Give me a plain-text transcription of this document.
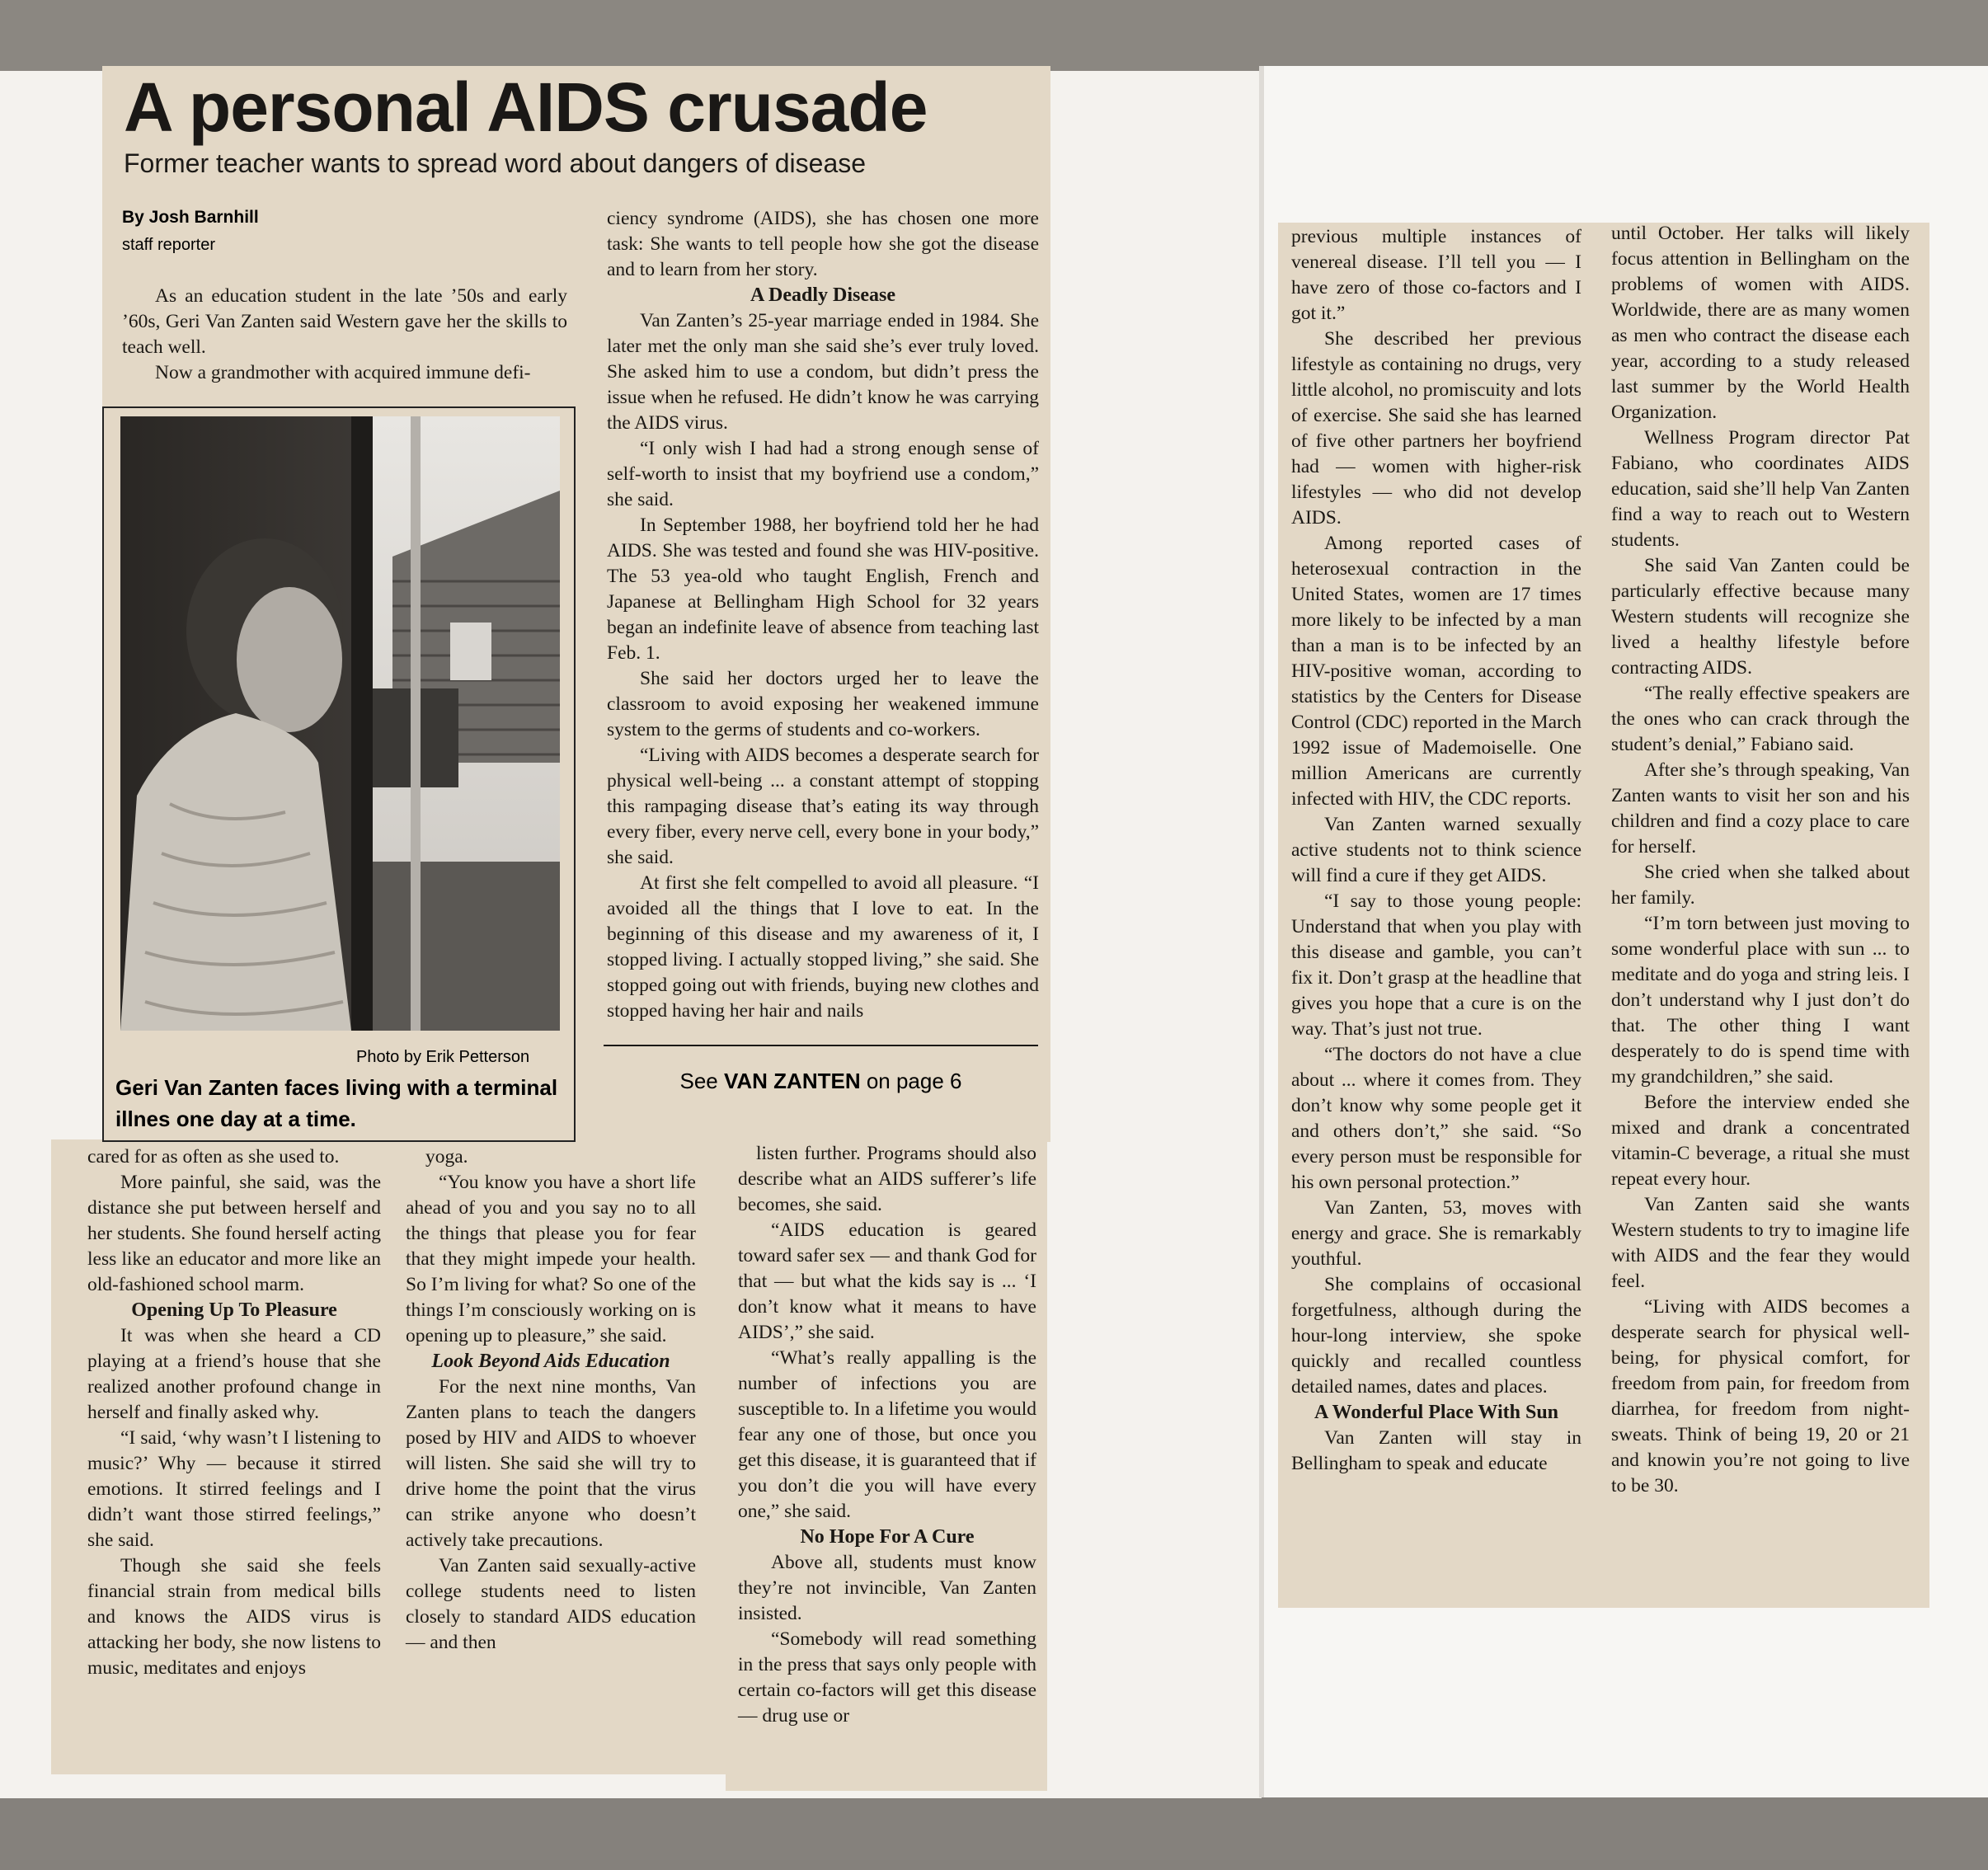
A personal AIDS crusade
Former teacher wants to spread word about dangers of disease
By Josh Barnhill
staff reporter

As an education student in the late ’50s and early ’60s, Geri Van Zanten said Western gave her the skills to teach well.

Now a grandmother with acquired immune defi-

Photo by Erik Petterson
Geri Van Zanten faces living with a terminal illnes one day at a time.

ciency syndrome (AIDS), she has chosen one more task: She wants to tell people how she got the disease and to learn from her story.

A Deadly Disease

Van Zanten’s 25-year marriage ended in 1984. She later met the only man she said she’s ever truly loved. She asked him to use a condom, but didn’t press the issue when he refused. He didn’t know he was carrying the AIDS virus.

“I only wish I had had a strong enough sense of self-worth to insist that my boyfriend use a condom,” she said.

In September 1988, her boyfriend told her he had AIDS. She was tested and found she was HIV-positive. The 53 yea-old who taught English, French and Japanese at Bellingham High School for 32 years began an indefinite leave of absence from teaching last Feb. 1.

She said her doctors urged her to leave the classroom to avoid exposing her weakened immune system to the germs of students and co-workers.

“Living with AIDS becomes a desperate search for physical well-being ... a constant attempt of stopping this rampaging disease that’s eating its way through every fiber, every nerve cell, every bone in your body,” she said.

At first she felt compelled to avoid all pleasure. “I avoided all the things that I love to eat. In the beginning of this disease and my awareness of it, I stopped living. I actually stopped living,” she said. She stopped going out with friends, buying new clothes and stopped having her hair and nails

See VAN ZANTEN on page 6

cared for as often as she used to.

More painful, she said, was the distance she put between herself and her students. She found herself acting less like an educator and more like an old-fashioned school marm.

Opening Up To Pleasure

It was when she heard a CD playing at a friend’s house that she realized another profound change in herself and finally asked why.

“I said, ‘why wasn’t I listening to music?’ Why — because it stirred emotions. It stirred feelings and I didn’t want those stirred feelings,” she said.

Though she said she feels financial strain from medical bills and knows the AIDS virus is attacking her body, she now listens to music, meditates and enjoys

yoga.

“You know you have a short life ahead of you and you say no to all the things that please you for fear that they might impede your health. So I’m living for what? So one of the things I’m consciously working on is opening up to pleasure,” she said.

Look Beyond Aids Education

For the next nine months, Van Zanten plans to teach the dangers posed by HIV and AIDS to whoever will listen. She said she will try to drive home the point that the virus can strike anyone who doesn’t actively take precautions.

Van Zanten said sexually-active college students need to listen closely to standard AIDS education — and then

listen further. Programs should also describe what an AIDS sufferer’s life becomes, she said.

“AIDS education is geared toward safer sex — and thank God for that — but what the kids say is ... ‘I don’t know what it means to have AIDS’,” she said.

“What’s really appalling is the number of infections you are susceptible to. In a lifetime you would fear any one of those, but once you get this disease, it is guaranteed that if you don’t die you will have every one,” she said.

No Hope For A Cure

Above all, students must know they’re not invincible, Van Zanten insisted.

“Somebody will read something in the press that says only people with certain co-factors will get this disease — drug use or

previous multiple instances of venereal disease. I’ll tell you — I have zero of those co-factors and I got it.”

She described her previous lifestyle as containing no drugs, very little alcohol, no promiscuity and lots of exercise. She said she has learned of five other partners her boyfriend had — women with higher-risk lifestyles — who did not develop AIDS.

Among reported cases of heterosexual contraction in the United States, women are 17 times more likely to be infected by a man than a man is to be infected by an HIV-positive woman, according to statistics by the Centers for Disease Control (CDC) reported in the March 1992 issue of Mademoiselle. One million Americans are currently infected with HIV, the CDC reports.

Van Zanten warned sexually active students not to think science will find a cure if they get AIDS.

“I say to those young people: Understand that when you play with this disease and gamble, you can’t fix it. Don’t grasp at the headline that gives you hope that a cure is on the way. That’s just not true.

“The doctors do not have a clue about ... where it comes from. They don’t know why some people get it and others don’t,” she said. “So every person must be responsible for his own personal protection.”

Van Zanten, 53, moves with energy and grace. She is remarkably youthful.

She complains of occasional forgetfulness, although during the hour-long interview, she spoke quickly and recalled countless detailed names, dates and places.

A Wonderful Place With Sun

Van Zanten will stay in Bellingham to speak and educate

until October. Her talks will likely focus attention in Bellingham on the problems of women with AIDS. Worldwide, there are as many women as men who contract the disease each year, according to a study released last summer by the World Health Organization.

Wellness Program director Pat Fabiano, who coordinates AIDS education, said she’ll help Van Zanten find a way to reach out to Western students.

She said Van Zanten could be particularly effective because many Western students will recognize she lived a healthy lifestyle before contracting AIDS.

“The really effective speakers are the ones who can crack through the student’s denial,” Fabiano said.

After she’s through speaking, Van Zanten wants to visit her son and his children and find a cozy place to care for herself.

She cried when she talked about her family.

“I’m torn between just moving to some wonderful place with sun ... to meditate and do yoga and string leis. I don’t understand why I just don’t do that. The other thing I want desperately to do is spend time with my grandchildren,” she said.

Before the interview ended she mixed and drank a concentrated vitamin-C beverage, a ritual she must repeat every hour.

Van Zanten said she wants Western students to try to imagine life with AIDS and the fear they would feel.

“Living with AIDS becomes a desperate search for physical well-being, for physical comfort, for freedom from pain, for freedom from diarrhea, for freedom from night-sweats. Think of being 19, 20 or 21 and knowin you’re not going to live to be 30.
